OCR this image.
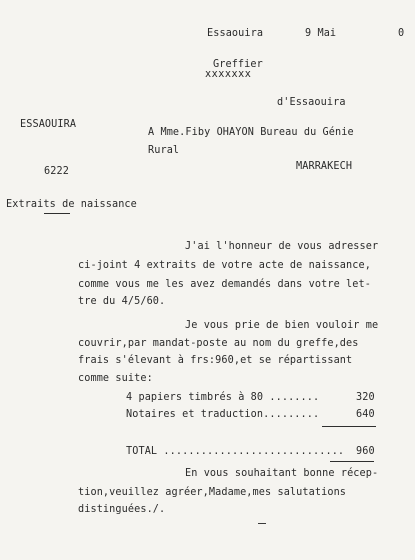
Essaouira	9 Mai	0
Greffier
xxxxxxx
d'Essaouira
ESSAOUIRA
A Mme.Fiby OHAYON Bureau du Génie
Rural
MARRAKECH
6222
Extraits de naissance
J'ai l'honneur de vous adresser
ci-joint 4 extraits de votre acte de naissance,
comme vous me les avez demandés dans votre let-
tre du 4/5/60.
Je vous prie de bien vouloir me
couvrir,par mandat-poste au nom du greffe,des
frais s'élevant à frs:960,et se répartissant
comme suite:
4 papiers timbrés à 80 ........	320
Notaires et traduction.........	640
TOTAL ............................. 960
En vous souhaitant bonne récep-
tion,veuillez agréer,Madame,mes salutations
distinguées./.
